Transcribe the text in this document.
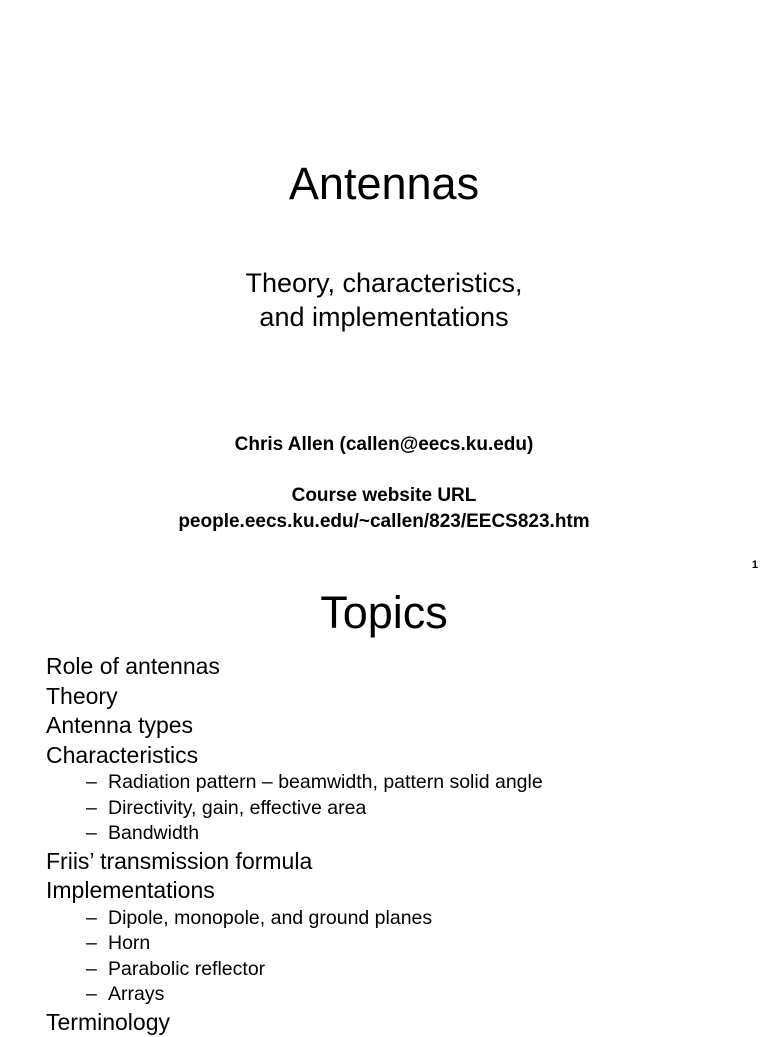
Antennas
Theory, characteristics,
and implementations
Chris Allen (callen@eecs.ku.edu)
Course website URL
people.eecs.ku.edu/~callen/823/EECS823.htm
1
Topics
Role of antennas
Theory
Antenna types
Characteristics
– Radiation pattern – beamwidth, pattern solid angle
– Directivity, gain, effective area
– Bandwidth
Friis’ transmission formula
Implementations
– Dipole, monopole, and ground planes
– Horn
– Parabolic reflector
– Arrays
Terminology
